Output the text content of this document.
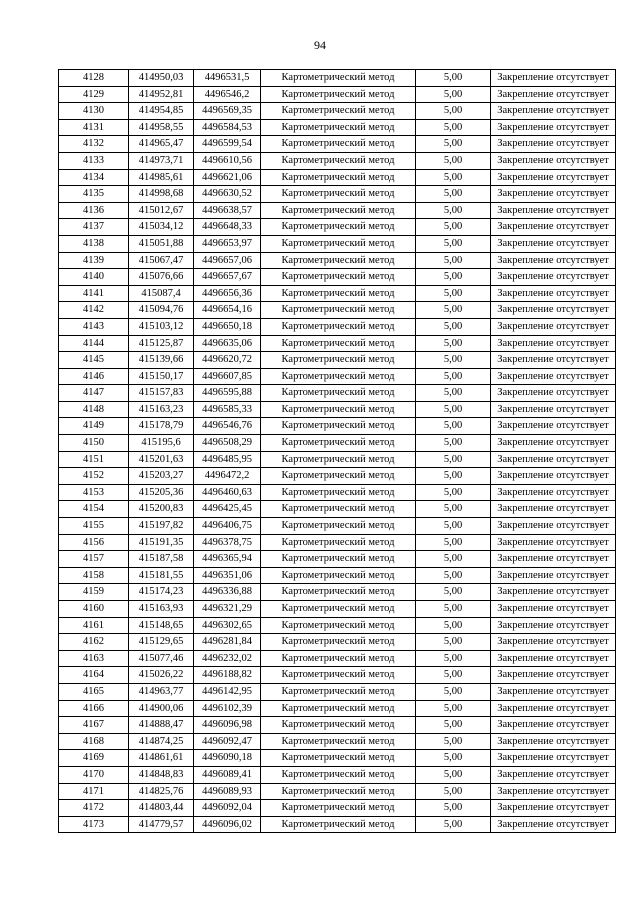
94
4128	414950,03	4496531,5	Картометрический метод	5,00	Закрепление отсутствует
4129	414952,81	4496546,2	Картометрический метод	5,00	Закрепление отсутствует
4130	414954,85	4496569,35	Картометрический метод	5,00	Закрепление отсутствует
4131	414958,55	4496584,53	Картометрический метод	5,00	Закрепление отсутствует
4132	414965,47	4496599,54	Картометрический метод	5,00	Закрепление отсутствует
4133	414973,71	4496610,56	Картометрический метод	5,00	Закрепление отсутствует
4134	414985,61	4496621,06	Картометрический метод	5,00	Закрепление отсутствует
4135	414998,68	4496630,52	Картометрический метод	5,00	Закрепление отсутствует
4136	415012,67	4496638,57	Картометрический метод	5,00	Закрепление отсутствует
4137	415034,12	4496648,33	Картометрический метод	5,00	Закрепление отсутствует
4138	415051,88	4496653,97	Картометрический метод	5,00	Закрепление отсутствует
4139	415067,47	4496657,06	Картометрический метод	5,00	Закрепление отсутствует
4140	415076,66	4496657,67	Картометрический метод	5,00	Закрепление отсутствует
4141	415087,4	4496656,36	Картометрический метод	5,00	Закрепление отсутствует
4142	415094,76	4496654,16	Картометрический метод	5,00	Закрепление отсутствует
4143	415103,12	4496650,18	Картометрический метод	5,00	Закрепление отсутствует
4144	415125,87	4496635,06	Картометрический метод	5,00	Закрепление отсутствует
4145	415139,66	4496620,72	Картометрический метод	5,00	Закрепление отсутствует
4146	415150,17	4496607,85	Картометрический метод	5,00	Закрепление отсутствует
4147	415157,83	4496595,88	Картометрический метод	5,00	Закрепление отсутствует
4148	415163,23	4496585,33	Картометрический метод	5,00	Закрепление отсутствует
4149	415178,79	4496546,76	Картометрический метод	5,00	Закрепление отсутствует
4150	415195,6	4496508,29	Картометрический метод	5,00	Закрепление отсутствует
4151	415201,63	4496485,95	Картометрический метод	5,00	Закрепление отсутствует
4152	415203,27	4496472,2	Картометрический метод	5,00	Закрепление отсутствует
4153	415205,36	4496460,63	Картометрический метод	5,00	Закрепление отсутствует
4154	415200,83	4496425,45	Картометрический метод	5,00	Закрепление отсутствует
4155	415197,82	4496406,75	Картометрический метод	5,00	Закрепление отсутствует
4156	415191,35	4496378,75	Картометрический метод	5,00	Закрепление отсутствует
4157	415187,58	4496365,94	Картометрический метод	5,00	Закрепление отсутствует
4158	415181,55	4496351,06	Картометрический метод	5,00	Закрепление отсутствует
4159	415174,23	4496336,88	Картометрический метод	5,00	Закрепление отсутствует
4160	415163,93	4496321,29	Картометрический метод	5,00	Закрепление отсутствует
4161	415148,65	4496302,65	Картометрический метод	5,00	Закрепление отсутствует
4162	415129,65	4496281,84	Картометрический метод	5,00	Закрепление отсутствует
4163	415077,46	4496232,02	Картометрический метод	5,00	Закрепление отсутствует
4164	415026,22	4496188,82	Картометрический метод	5,00	Закрепление отсутствует
4165	414963,77	4496142,95	Картометрический метод	5,00	Закрепление отсутствует
4166	414900,06	4496102,39	Картометрический метод	5,00	Закрепление отсутствует
4167	414888,47	4496096,98	Картометрический метод	5,00	Закрепление отсутствует
4168	414874,25	4496092,47	Картометрический метод	5,00	Закрепление отсутствует
4169	414861,61	4496090,18	Картометрический метод	5,00	Закрепление отсутствует
4170	414848,83	4496089,41	Картометрический метод	5,00	Закрепление отсутствует
4171	414825,76	4496089,93	Картометрический метод	5,00	Закрепление отсутствует
4172	414803,44	4496092,04	Картометрический метод	5,00	Закрепление отсутствует
4173	414779,57	4496096,02	Картометрический метод	5,00	Закрепление отсутствует
